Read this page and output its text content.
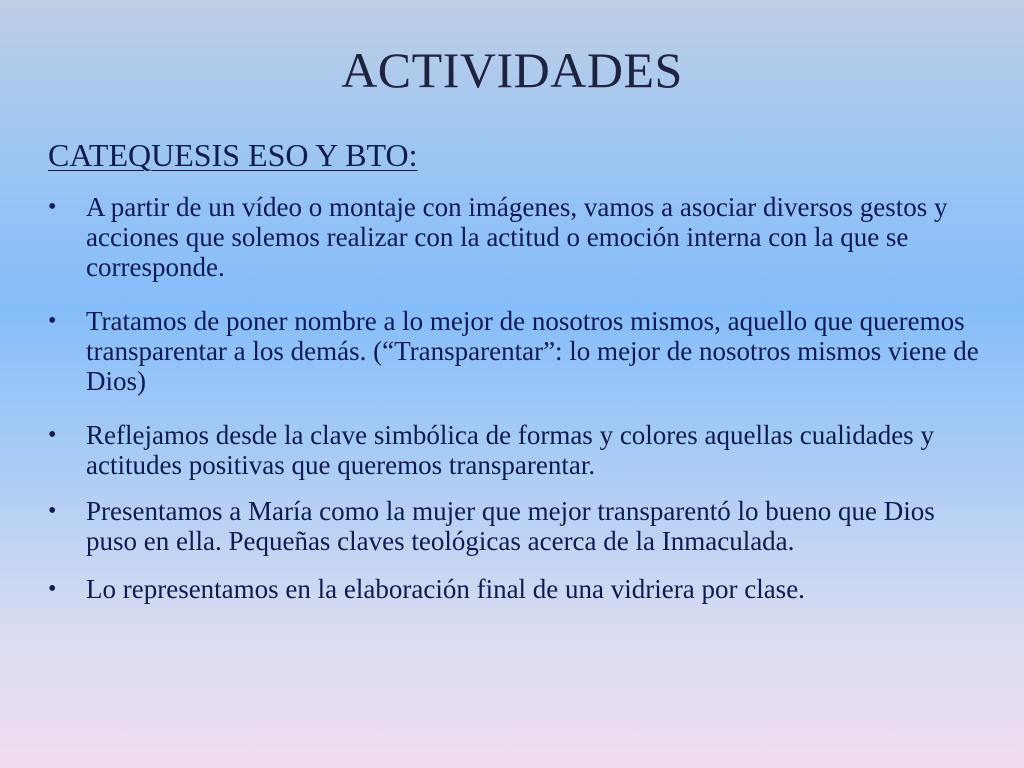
ACTIVIDADES
CATEQUESIS ESO Y BTO:
•	A partir de un vídeo o montaje con imágenes, vamos a asociar diversos gestos y acciones que solemos realizar con la actitud o emoción interna con la que se corresponde.
•	Tratamos de poner nombre a lo mejor de nosotros mismos, aquello que queremos transparentar a los demás. (“Transparentar”: lo mejor de nosotros mismos viene de Dios)
•	Reflejamos desde la clave simbólica de formas y colores aquellas cualidades y actitudes positivas que queremos transparentar.
•	Presentamos a María como la mujer que mejor transparentó lo bueno que Dios puso en ella. Pequeñas claves teológicas acerca de la Inmaculada.
•	Lo representamos en la elaboración final de una vidriera por clase.
